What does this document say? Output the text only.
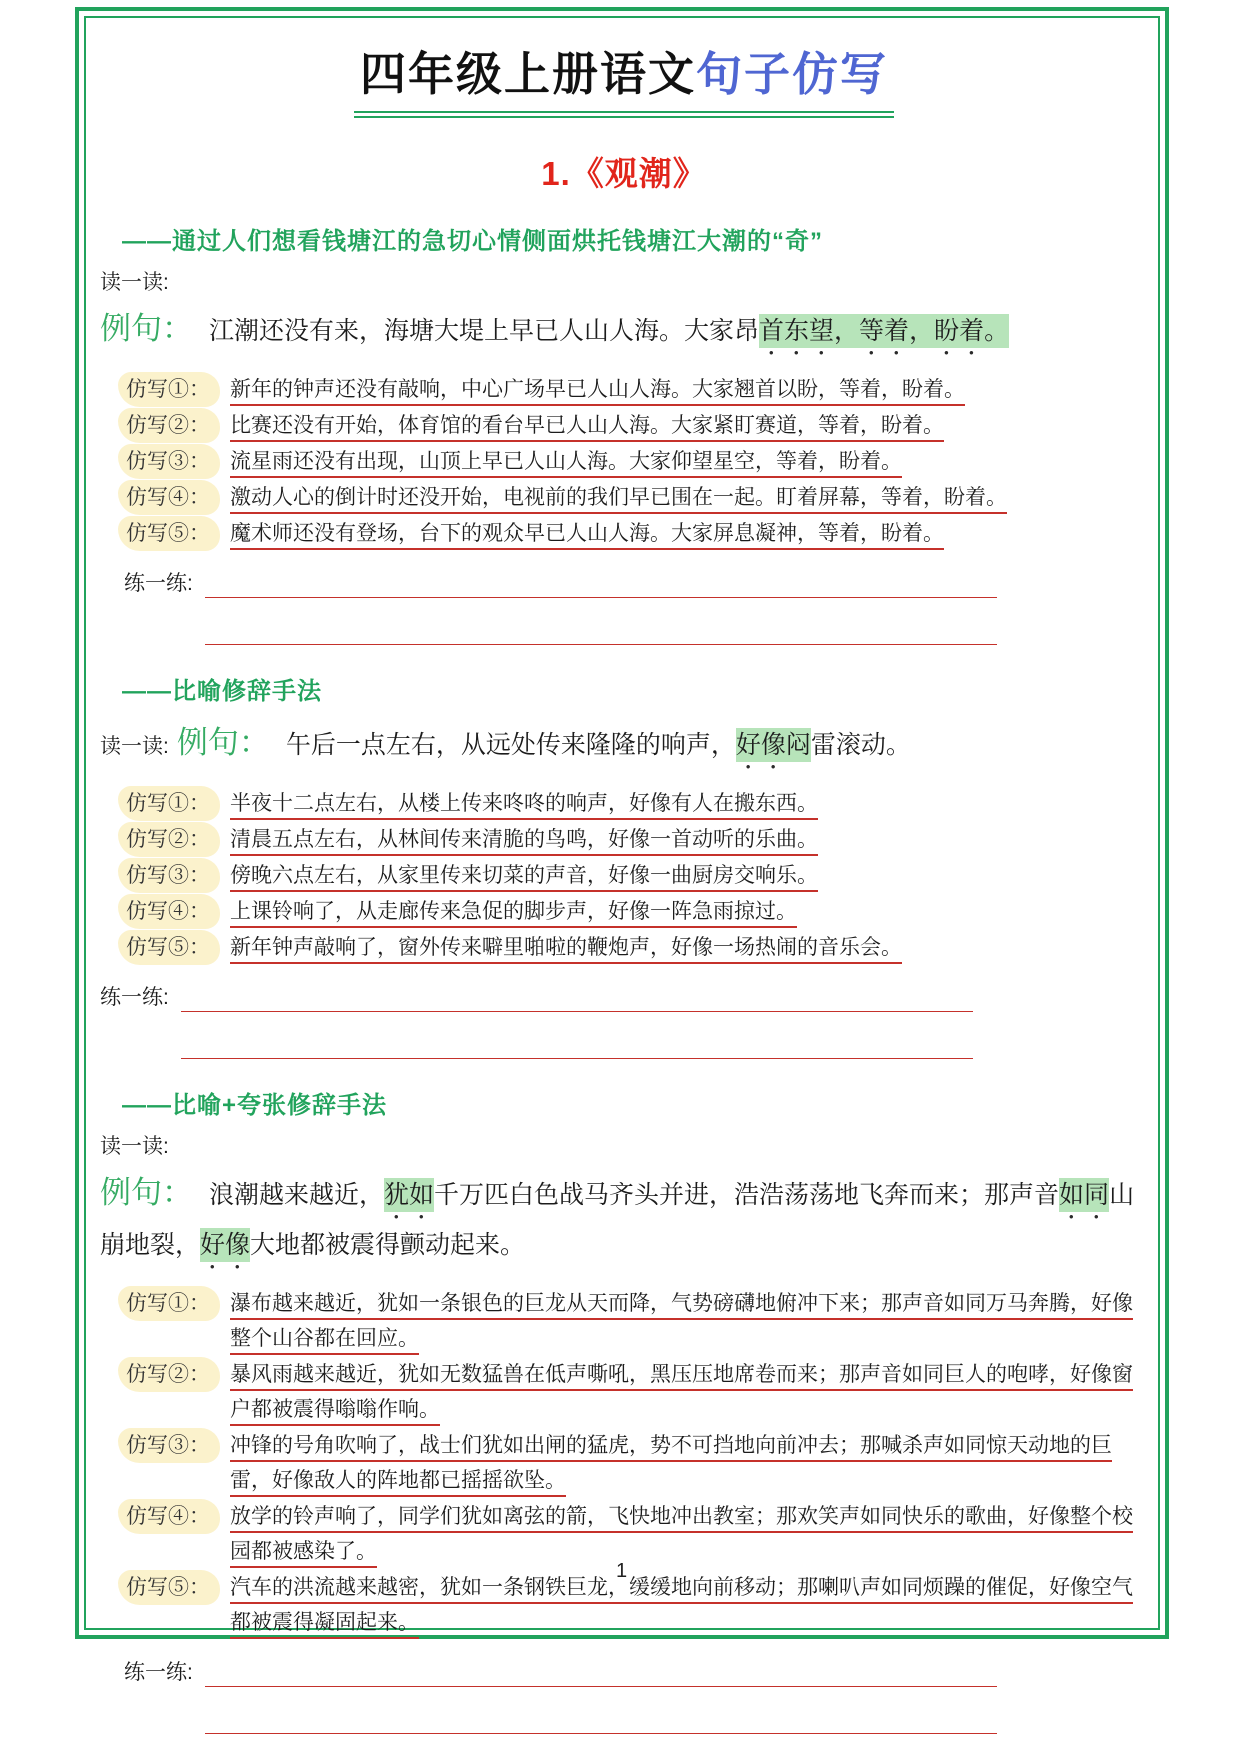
四年级上册语文句子仿写
1.《观潮》
——通过人们想看钱塘江的急切心情侧面烘托钱塘江大潮的“奇”
读一读:

例句： 江潮还没有来，海塘大堤上早已人山人海。大家昂首东望，等着，盼着。

仿写①： 新年的钟声还没有敲响，中心广场早已人山人海。大家翘首以盼，等着，盼着。
仿写②： 比赛还没有开始，体育馆的看台早已人山人海。大家紧盯赛道，等着，盼着。
仿写③： 流星雨还没有出现，山顶上早已人山人海。大家仰望星空，等着，盼着。
仿写④： 激动人心的倒计时还没开始，电视前的我们早已围在一起。盯着屏幕，等着，盼着。
仿写⑤： 魔术师还没有登场，台下的观众早已人山人海。大家屏息凝神，等着，盼着。
练一练:
——比喻修辞手法

读一读: 例句： 午后一点左右，从远处传来隆隆的响声，好像闷雷滚动。

仿写①： 半夜十二点左右，从楼上传来咚咚的响声，好像有人在搬东西。
仿写②： 清晨五点左右，从林间传来清脆的鸟鸣，好像一首动听的乐曲。
仿写③： 傍晚六点左右，从家里传来切菜的声音，好像一曲厨房交响乐。
仿写④： 上课铃响了，从走廊传来急促的脚步声，好像一阵急雨掠过。
仿写⑤： 新年钟声敲响了，窗外传来噼里啪啦的鞭炮声，好像一场热闹的音乐会。
练一练:
——比喻+夸张修辞手法
读一读:

例句： 浪潮越来越近，犹如千万匹白色战马齐头并进，浩浩荡荡地飞奔而来；那声音如同山崩地裂，好像大地都被震得颤动起来。

仿写①： 瀑布越来越近，犹如一条银色的巨龙从天而降，气势磅礴地俯冲下来；那声音如同万马奔腾，好像整个山谷都在回应。
仿写②： 暴风雨越来越近，犹如无数猛兽在低声嘶吼，黑压压地席卷而来；那声音如同巨人的咆哮，好像窗户都被震得嗡嗡作响。
仿写③： 冲锋的号角吹响了，战士们犹如出闸的猛虎，势不可挡地向前冲去；那喊杀声如同惊天动地的巨雷，好像敌人的阵地都已摇摇欲坠。
仿写④： 放学的铃声响了，同学们犹如离弦的箭，飞快地冲出教室；那欢笑声如同快乐的歌曲，好像整个校园都被感染了。
仿写⑤： 汽车的洪流越来越密，犹如一条钢铁巨龙，缓缓地向前移动；那喇叭声如同烦躁的催促，好像空气都被震得凝固起来。
练一练:
1
